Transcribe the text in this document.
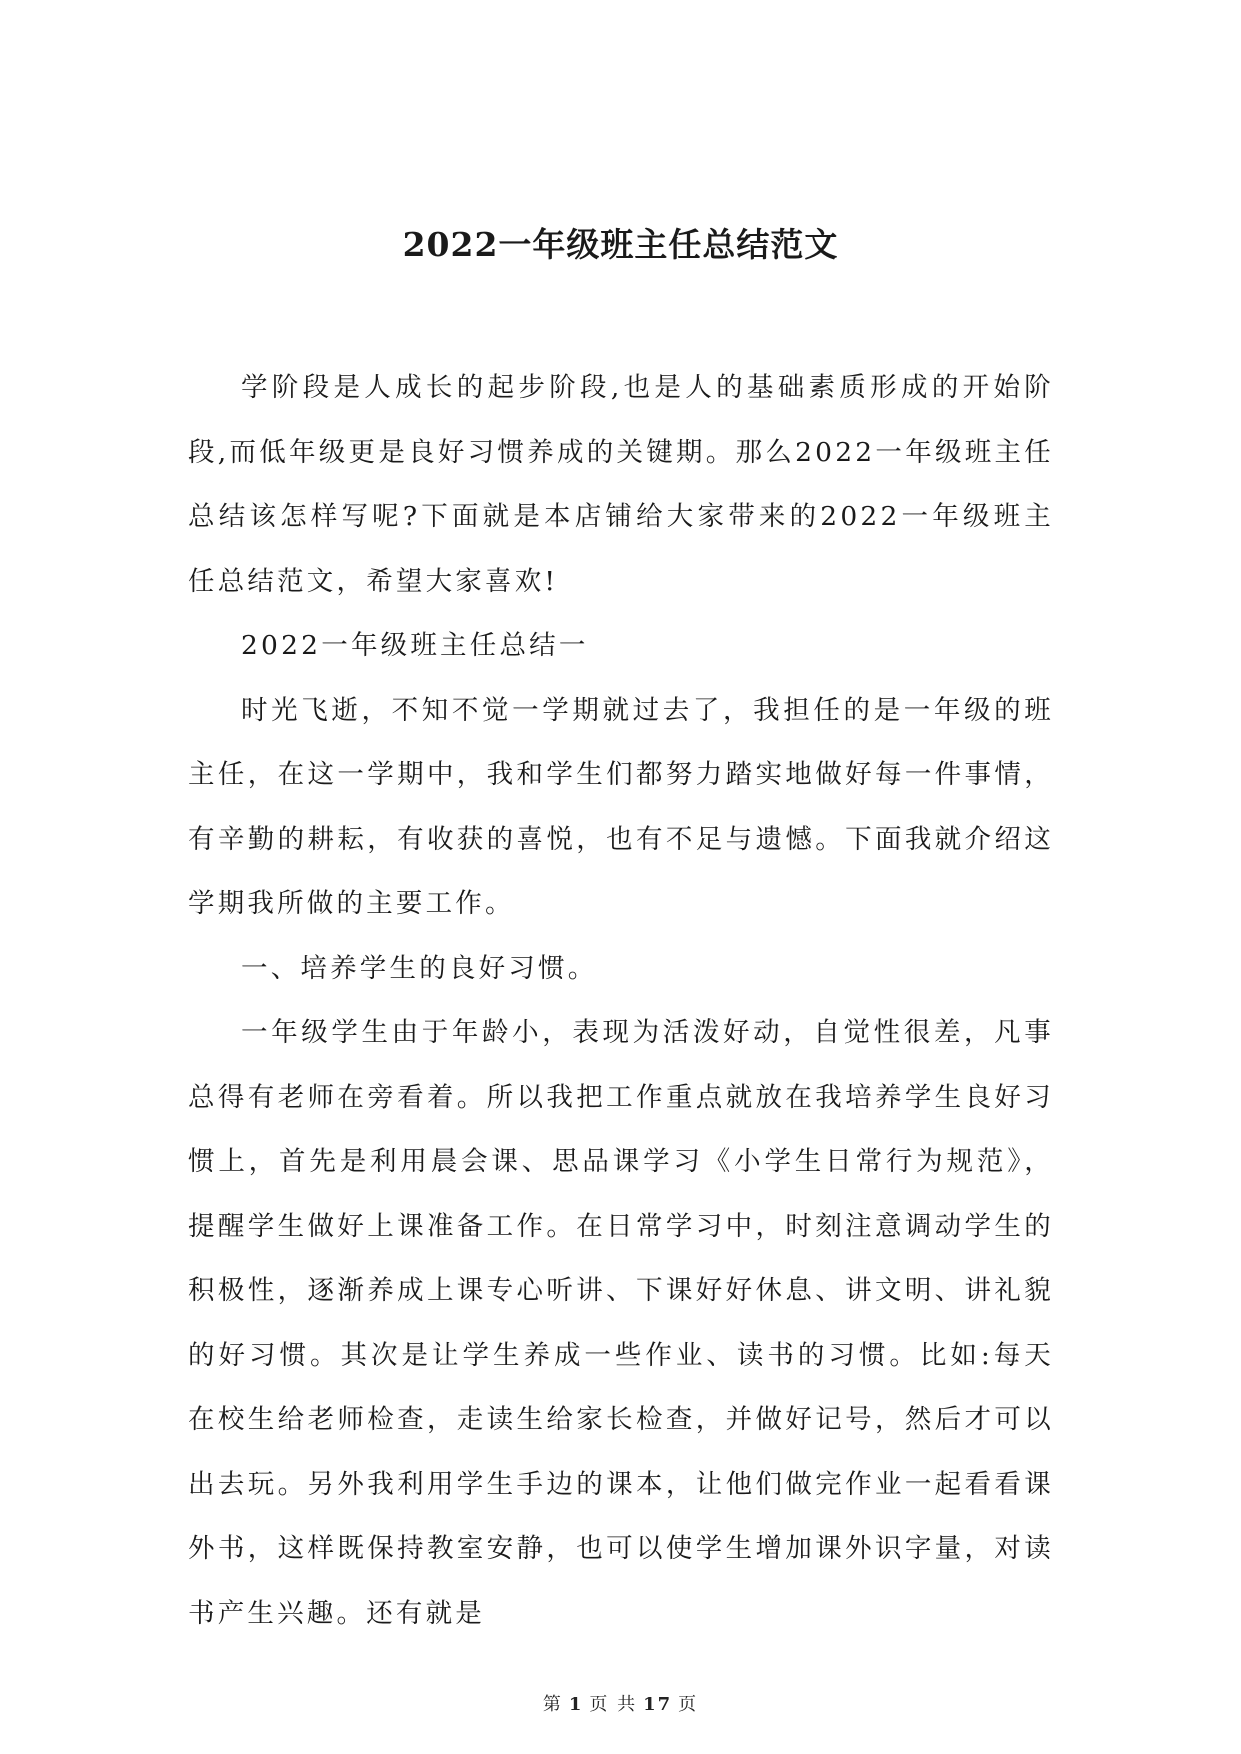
2022一年级班主任总结范文

学阶段是人成长的起步阶段,也是人的基础素质形成的开始阶段,而低年级更是良好习惯养成的关键期。那么2022一年级班主任总结该怎样写呢?下面就是本店铺给大家带来的2022一年级班主任总结范文，希望大家喜欢!

2022一年级班主任总结一

时光飞逝，不知不觉一学期就过去了，我担任的是一年级的班主任，在这一学期中，我和学生们都努力踏实地做好每一件事情，有辛勤的耕耘，有收获的喜悦，也有不足与遗憾。下面我就介绍这学期我所做的主要工作。

一、培养学生的良好习惯。

一年级学生由于年龄小，表现为活泼好动，自觉性很差，凡事总得有老师在旁看着。所以我把工作重点就放在我培养学生良好习惯上，首先是利用晨会课、思品课学习《小学生日常行为规范》，提醒学生做好上课准备工作。在日常学习中，时刻注意调动学生的积极性，逐渐养成上课专心听讲、下课好好休息、讲文明、讲礼貌的好习惯。其次是让学生养成一些作业、读书的习惯。比如:每天在校生给老师检查，走读生给家长检查，并做好记号，然后才可以出去玩。另外我利用学生手边的课本，让他们做完作业一起看看课外书，这样既保持教室安静，也可以使学生增加课外识字量，对读书产生兴趣。还有就是

第 1 页 共 17 页
